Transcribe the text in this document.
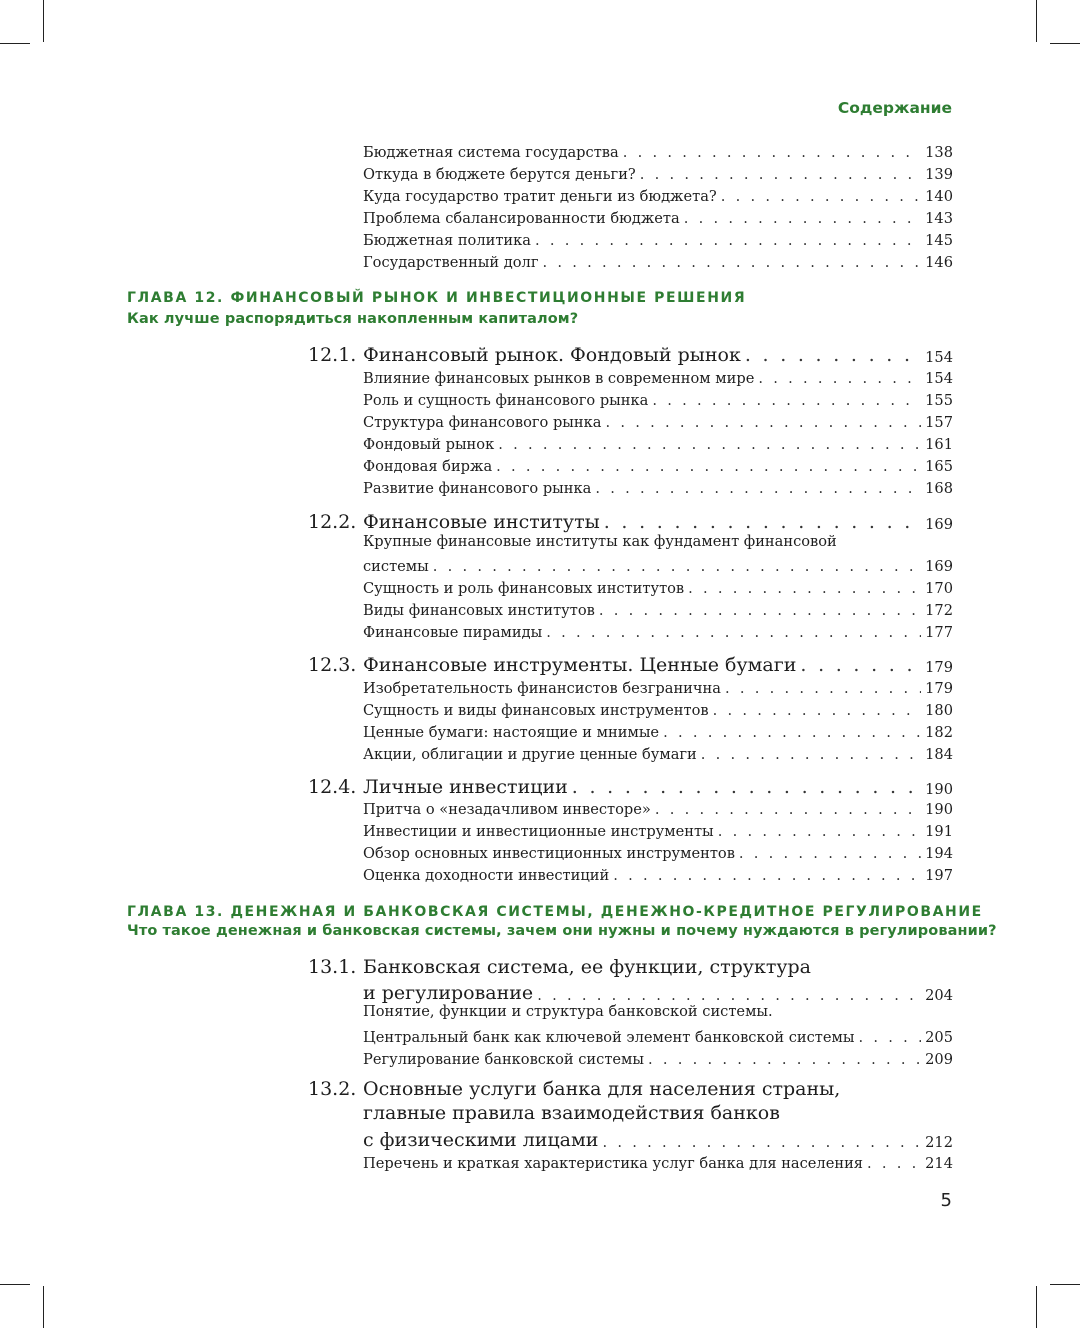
Содержание
Бюджетная система государства . . .	138
Откуда в бюджете берутся деньги? . . .	139
Куда государство тратит деньги из бюджета? . . .	140
Проблема сбалансированности бюджета . . .	143
Бюджетная политика . . .	145
Государственный долг . . .	146
ГЛАВА 12. ФИНАНСОВЫЙ РЫНОК И ИНВЕСТИЦИОННЫЕ РЕШЕНИЯ
Как лучше распорядиться накопленным капиталом?
12.1. Финансовый рынок. Фондовый рынок . . .	154
Влияние финансовых рынков в современном мире . . .	154
Роль и сущность финансового рынка . . .	155
Структура финансового рынка . . .	157
Фондовый рынок . . .	161
Фондовая биржа . . .	165
Развитие финансового рынка . . .	168
12.2. Финансовые институты . . .	169
Крупные финансовые институты как фундамент финансовой
системы . . .	169
Сущность и роль финансовых институтов . . .	170
Виды финансовых институтов . . .	172
Финансовые пирамиды . . .	177
12.3. Финансовые инструменты. Ценные бумаги . . .	179
Изобретательность финансистов безгранична . . .	179
Сущность и виды финансовых инструментов . . .	180
Ценные бумаги: настоящие и мнимые . . .	182
Акции, облигации и другие ценные бумаги . . .	184
12.4. Личные инвестиции . . .	190
Притча о «незадачливом инвесторе» . . .	190
Инвестиции и инвестиционные инструменты . . .	191
Обзор основных инвестиционных инструментов . . .	194
Оценка доходности инвестиций . . .	197
ГЛАВА 13. ДЕНЕЖНАЯ И БАНКОВСКАЯ СИСТЕМЫ, ДЕНЕЖНО-КРЕДИТНОЕ РЕГУЛИРОВАНИЕ
Что такое денежная и банковская системы, зачем они нужны и почему нуждаются в регулировании?
13.1. Банковская система, ее функции, структура
и регулирование . . .	204
Понятие, функции и структура банковской системы.
Центральный банк как ключевой элемент банковской системы . . .	205
Регулирование банковской системы . . .	209
13.2. Основные услуги банка для населения страны,
главные правила взаимодействия банков
с физическими лицами . . .	212
Перечень и краткая характеристика услуг банка для населения . . .	214
5
